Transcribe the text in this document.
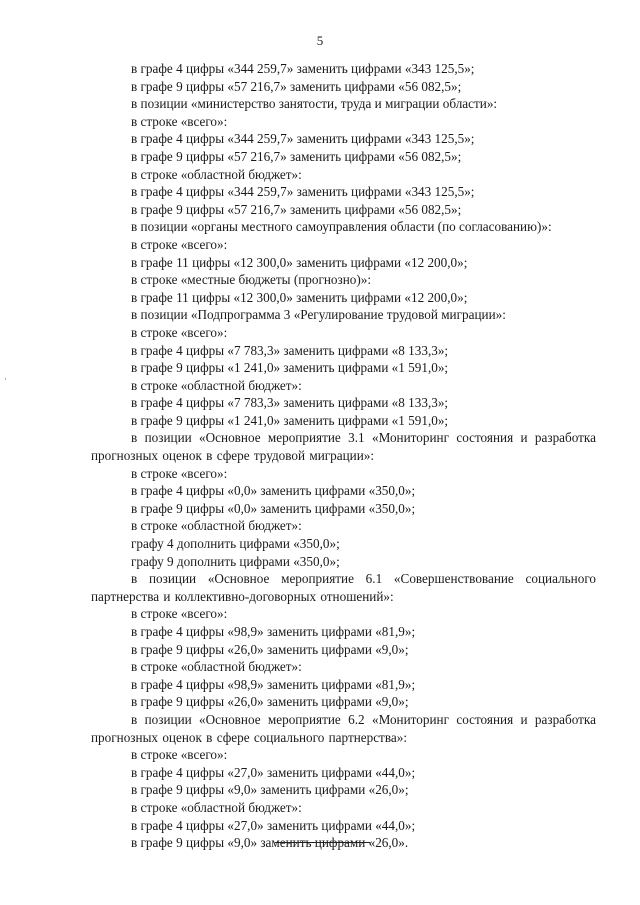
5
·
в графе 4 цифры «344 259,7» заменить цифрами «343 125,5»;
в графе 9 цифры «57 216,7» заменить цифрами «56 082,5»;
в позиции «министерство занятости, труда и миграции области»:
в строке «всего»:
в графе 4 цифры «344 259,7» заменить цифрами «343 125,5»;
в графе 9 цифры «57 216,7» заменить цифрами «56 082,5»;
в строке «областной бюджет»:
в графе 4 цифры «344 259,7» заменить цифрами «343 125,5»;
в графе 9 цифры «57 216,7» заменить цифрами «56 082,5»;
в позиции «органы местного самоуправления области (по согласованию)»:
в строке «всего»:
в графе 11 цифры «12 300,0» заменить цифрами «12 200,0»;
в строке «местные бюджеты (прогнозно)»:
в графе 11 цифры «12 300,0» заменить цифрами «12 200,0»;
в позиции «Подпрограмма 3 «Регулирование трудовой миграции»:
в строке «всего»:
в графе 4 цифры «7 783,3» заменить цифрами «8 133,3»;
в графе 9 цифры «1 241,0» заменить цифрами «1 591,0»;
в строке «областной бюджет»:
в графе 4 цифры «7 783,3» заменить цифрами «8 133,3»;
в графе 9 цифры «1 241,0» заменить цифрами «1 591,0»;
в позиции «Основное мероприятие 3.1 «Мониторинг состояния и разработка прогнозных оценок в сфере трудовой миграции»:
в строке «всего»:
в графе 4 цифры «0,0» заменить цифрами «350,0»;
в графе 9 цифры «0,0» заменить цифрами «350,0»;
в строке «областной бюджет»:
графу 4 дополнить цифрами «350,0»;
графу 9 дополнить цифрами «350,0»;
в позиции «Основное мероприятие 6.1 «Совершенствование социального партнерства и коллективно-договорных отношений»:
в строке «всего»:
в графе 4 цифры «98,9» заменить цифрами «81,9»;
в графе 9 цифры «26,0» заменить цифрами «9,0»;
в строке «областной бюджет»:
в графе 4 цифры «98,9» заменить цифрами «81,9»;
в графе 9 цифры «26,0» заменить цифрами «9,0»;
в позиции «Основное мероприятие 6.2 «Мониторинг состояния и разработка прогнозных оценок в сфере социального партнерства»:
в строке «всего»:
в графе 4 цифры «27,0» заменить цифрами «44,0»;
в графе 9 цифры «9,0» заменить цифрами «26,0»;
в строке «областной бюджет»:
в графе 4 цифры «27,0» заменить цифрами «44,0»;
в графе 9 цифры «9,0» заменить цифрами «26,0».
